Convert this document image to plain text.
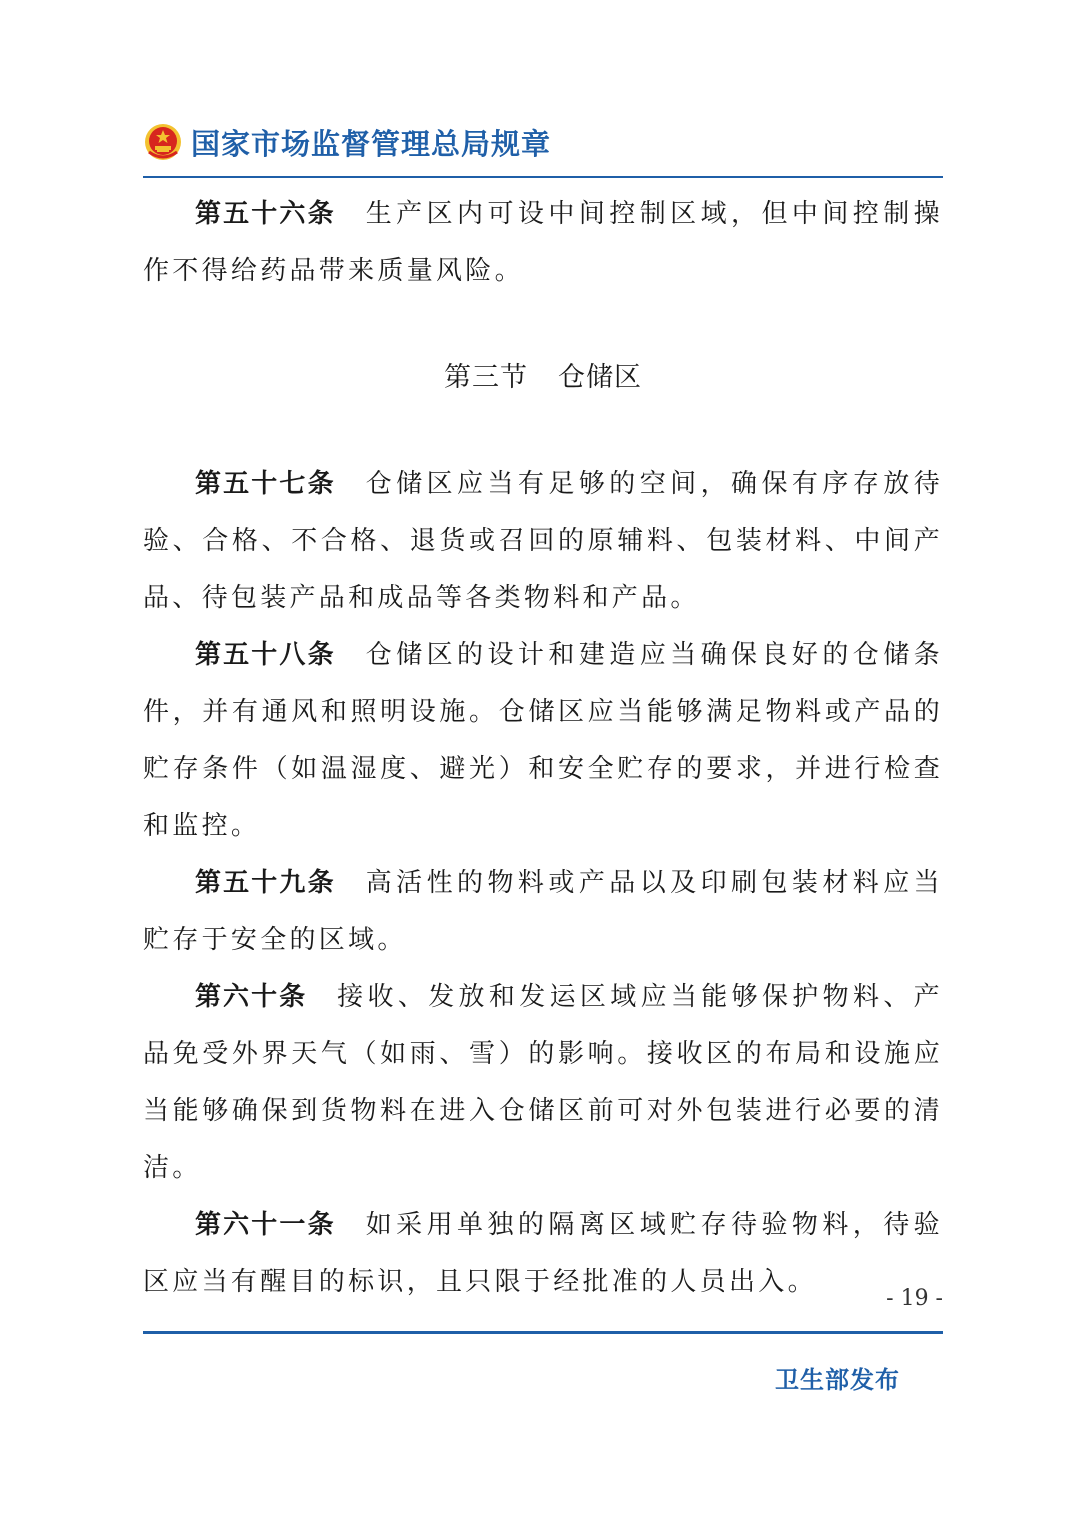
国家市场监督管理总局规章

第五十六条 生产区内可设中间控制区域，但中间控制操作不得给药品带来质量风险。

第三节 仓储区

第五十七条 仓储区应当有足够的空间，确保有序存放待验、合格、不合格、退货或召回的原辅料、包装材料、中间产品、待包装产品和成品等各类物料和产品。

第五十八条 仓储区的设计和建造应当确保良好的仓储条件，并有通风和照明设施。仓储区应当能够满足物料或产品的贮存条件（如温湿度、避光）和安全贮存的要求，并进行检查和监控。

第五十九条 高活性的物料或产品以及印刷包装材料应当贮存于安全的区域。

第六十条 接收、发放和发运区域应当能够保护物料、产品免受外界天气（如雨、雪）的影响。接收区的布局和设施应当能够确保到货物料在进入仓储区前可对外包装进行必要的清洁。

第六十一条 如采用单独的隔离区域贮存待验物料，待验区应当有醒目的标识，且只限于经批准的人员出入。

- 19 -
卫生部发布
